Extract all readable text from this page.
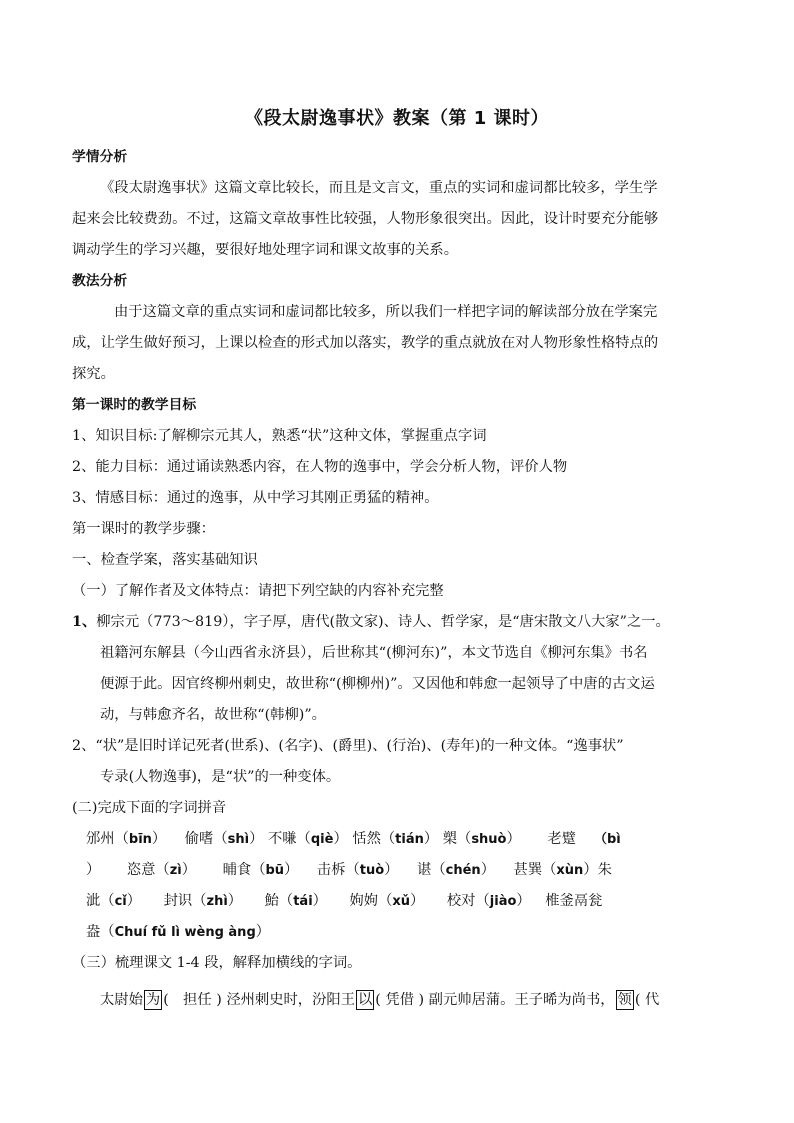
《段太尉逸事状》教案（第 1 课时）
学情分析
《段太尉逸事状》这篇文章比较长，而且是文言文，重点的实词和虚词都比较多，学生学
起来会比较费劲。不过，这篇文章故事性比较强，人物形象很突出。因此，设计时要充分能够
调动学生的学习兴趣，要很好地处理字词和课文故事的关系。
教法分析
由于这篇文章的重点实词和虚词都比较多，所以我们一样把字词的解读部分放在学案完
成，让学生做好预习，上课以检查的形式加以落实，教学的重点就放在对人物形象性格特点的
探究。
第一课时的教学目标
1、知识目标:了解柳宗元其人，熟悉“状”这种文体，掌握重点字词
2、能力目标：通过诵读熟悉内容，在人物的逸事中，学会分析人物，评价人物
3、情感目标：通过的逸事，从中学习其刚正勇猛的精神。
第一课时的教学步骤：
一、检查学案，落实基础知识
（一）了解作者及文体特点：请把下列空缺的内容补充完整
1、柳宗元（773～819），字子厚，唐代(散文家)、诗人、哲学家，是“唐宋散文八大家”之一。
祖籍河东解县（今山西省永济县），后世称其“(柳河东)”，本文节选自《柳河东集》书名
便源于此。因官终柳州刺史，故世称“(柳柳州)”。又因他和韩愈一起领导了中唐的古文运
动，与韩愈齐名，故世称“(韩柳)”。
2、“状”是旧时详记死者(世系)、(名字)、(爵里)、(行治)、(寿年)的一种文体。“逸事状”
专录(人物逸事)，是“状”的一种变体。
(二)完成下面的字词拼音
邠州（bīn） 偷嗜（shì） 不嗛（qiè） 恬然（tián） 槊（shuò） 老躄 （bì
） 恣意（zì） 晡食（bū） 击柝（tuò） 谌（chén） 甚巽（xùn）朱
泚（cǐ） 封识（zhì） 鮐（tái） 姁姁（xǔ） 校对（jiào） 椎釜鬲瓮
盎（Chuí fǔ lì wèng àng）
（三）梳理课文 1-4 段，解释加横线的字词。
太尉始 为 (　担任 ) 泾州刺史时，汾阳王 以 ( 凭借 ) 副元帅居蒲。王子晞为尚书， 领 ( 代
